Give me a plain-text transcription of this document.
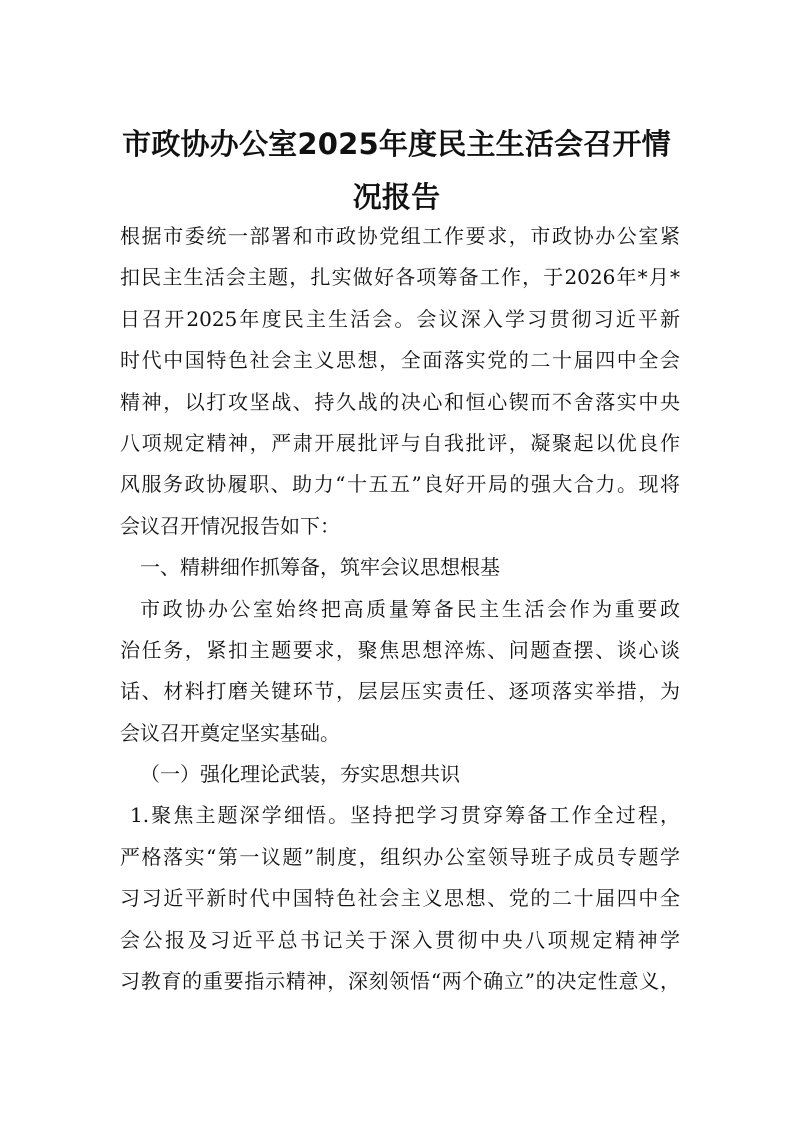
市政协办公室2025年度民主生活会召开情
况报告
根据市委统一部署和市政协党组工作要求，市政协办公室紧
扣民主生活会主题，扎实做好各项筹备工作，于2026年*月*
日召开2025年度民主生活会。会议深入学习贯彻习近平新
时代中国特色社会主义思想，全面落实党的二十届四中全会
精神，以打攻坚战、持久战的决心和恒心锲而不舍落实中央
八项规定精神，严肃开展批评与自我批评，凝聚起以优良作
风服务政协履职、助力“十五五”良好开局的强大合力。现将
会议召开情况报告如下：
一、精耕细作抓筹备，筑牢会议思想根基
市政协办公室始终把高质量筹备民主生活会作为重要政
治任务，紧扣主题要求，聚焦思想淬炼、问题查摆、谈心谈
话、材料打磨关键环节，层层压实责任、逐项落实举措，为
会议召开奠定坚实基础。
（一）强化理论武装，夯实思想共识
1.聚焦主题深学细悟。坚持把学习贯穿筹备工作全过程，
严格落实“第一议题”制度，组织办公室领导班子成员专题学
习习近平新时代中国特色社会主义思想、党的二十届四中全
会公报及习近平总书记关于深入贯彻中央八项规定精神学
习教育的重要指示精神，深刻领悟“两个确立”的决定性意义，
